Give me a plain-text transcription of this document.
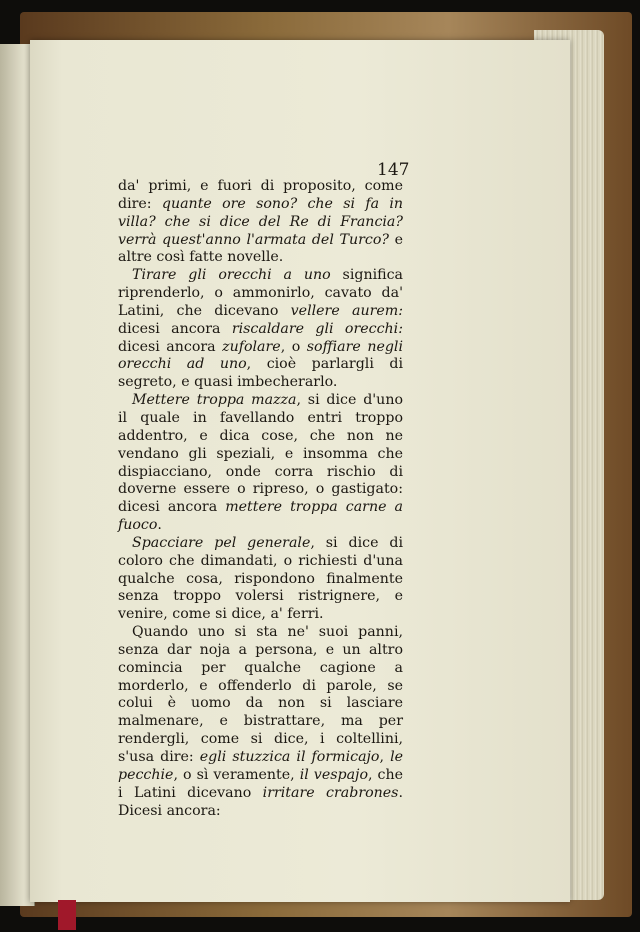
147

da' primi, e fuori di proposito, come dire: quante ore sono? che si fa in villa? che si dice del Re di Francia? verrà quest'anno l'armata del Turco? e altre così fatte novelle.

Tirare gli orecchi a uno significa riprenderlo, o ammonirlo, cavato da' Latini, che dicevano vellere aurem: dicesi ancora riscaldare gli orecchi: dicesi ancora zufolare, o soffiare negli orecchi ad uno, cioè parlargli di segreto, e quasi imbecherarlo.

Mettere troppa mazza, si dice d'uno il quale in favellando entri troppo addentro, e dica cose, che non ne vendano gli speziali, e insomma che dispiacciano, onde corra rischio di doverne essere o ripreso, o gastigato: dicesi ancora mettere troppa carne a fuoco.

Spacciare pel generale, si dice di coloro che dimandati, o richiesti d'una qualche cosa, rispondono finalmente senza troppo volersi ristrignere, e venire, come si dice, a' ferri.

Quando uno si sta ne' suoi panni, senza dar noja a persona, e un altro comincia per qualche cagione a morderlo, e offenderlo di parole, se colui è uomo da non si lasciare malmenare, e bistrattare, ma per rendergli, come si dice, i coltellini, s'usa dire: egli stuzzica il formicajo, le pecchie, o sì veramente, il vespajo, che i Latini dicevano irritare crabrones. Dicesi ancora:
